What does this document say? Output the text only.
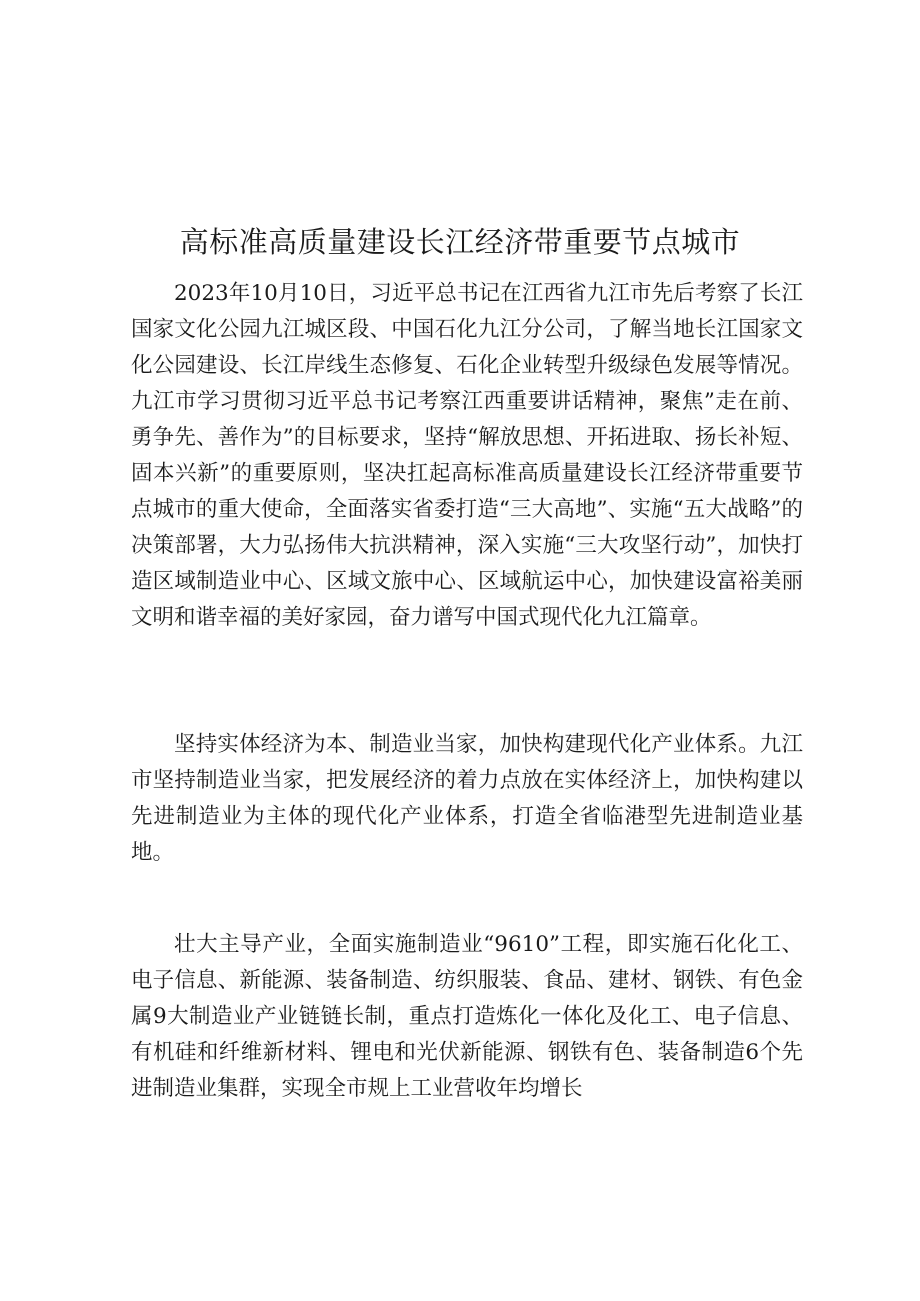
高标准高质量建设长江经济带重要节点城市

2023年10月10日，习近平总书记在江西省九江市先后考察了长江国家文化公园九江城区段、中国石化九江分公司，了解当地长江国家文化公园建设、长江岸线生态修复、石化企业转型升级绿色发展等情况。九江市学习贯彻习近平总书记考察江西重要讲话精神，聚焦”走在前、勇争先、善作为”的目标要求，坚持“解放思想、开拓进取、扬长补短、固本兴新”的重要原则，坚决扛起高标准高质量建设长江经济带重要节点城市的重大使命，全面落实省委打造“三大高地”、实施“五大战略”的决策部署，大力弘扬伟大抗洪精神，深入实施“三大攻坚行动”，加快打造区域制造业中心、区域文旅中心、区域航运中心，加快建设富裕美丽文明和谐幸福的美好家园，奋力谱写中国式现代化九江篇章。

坚持实体经济为本、制造业当家，加快构建现代化产业体系。九江市坚持制造业当家，把发展经济的着力点放在实体经济上，加快构建以先进制造业为主体的现代化产业体系，打造全省临港型先进制造业基地。

壮大主导产业，全面实施制造业“9610”工程，即实施石化化工、电子信息、新能源、装备制造、纺织服装、食品、建材、钢铁、有色金属9大制造业产业链链长制，重点打造炼化一体化及化工、电子信息、有机硅和纤维新材料、锂电和光伏新能源、钢铁有色、装备制造6个先进制造业集群，实现全市规上工业营收年均增长
